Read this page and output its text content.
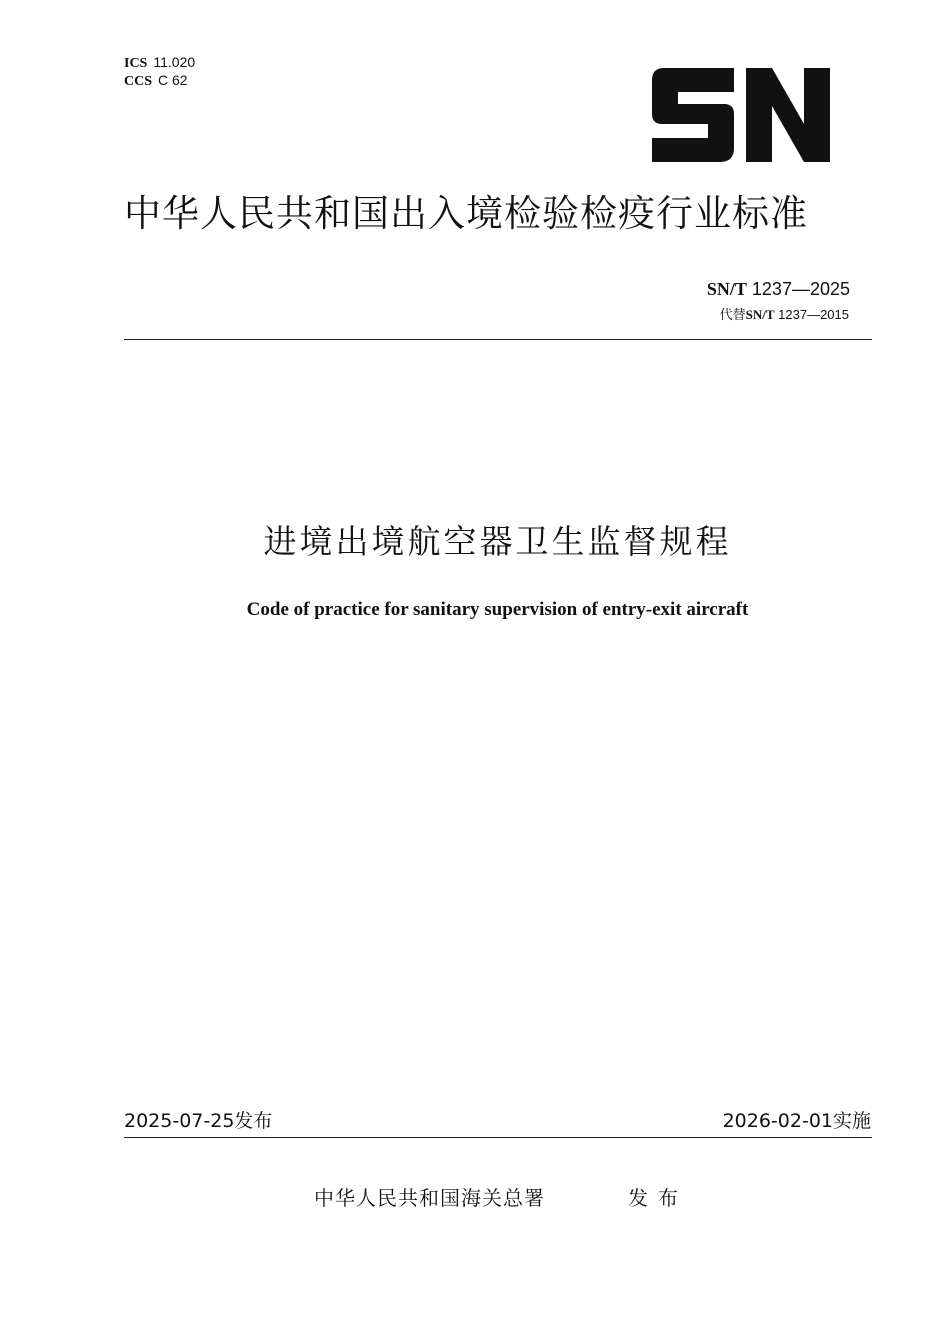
ICS 11.020
CCS C 62
中华人民共和国出入境检验检疫行业标准
SN/T 1237—2025
代替SN/T 1237—2015
进境出境航空器卫生监督规程
Code of practice for sanitary supervision of entry-exit aircraft
2025-07-25发布	2026-02-01实施
中华人民共和国海关总署	发布
